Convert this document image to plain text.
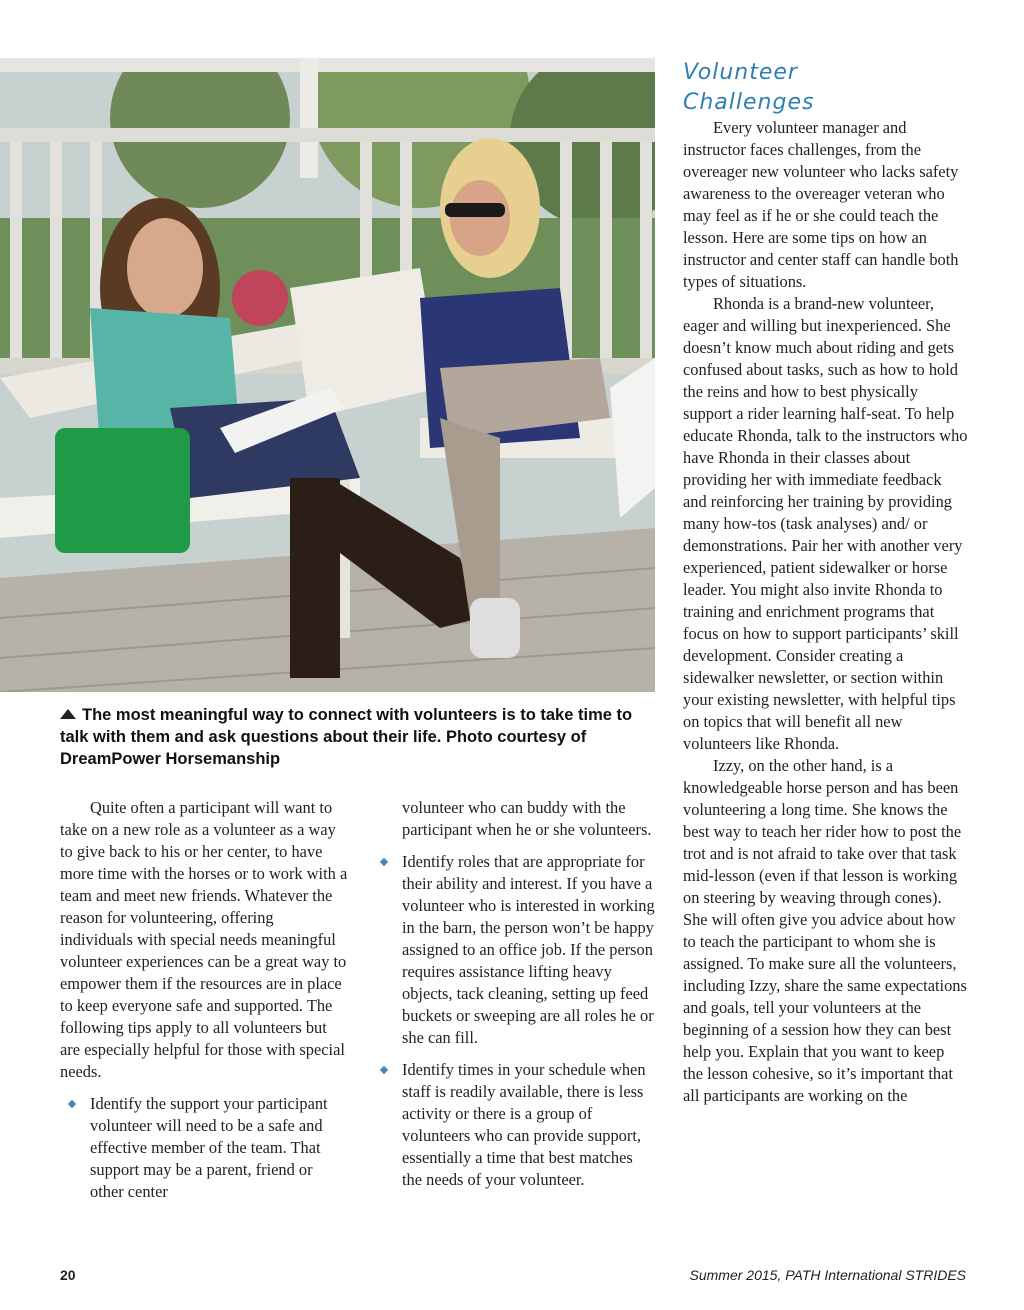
The most meaningful way to connect with volunteers is to take time to talk with them and ask questions about their life. Photo courtesy of DreamPower Horsemanship
Volunteer
Challenges

Quite often a participant will want to take on a new role as a volunteer as a way to give back to his or her center, to have more time with the horses or to work with a team and meet new friends. Whatever the reason for volunteering, offering individuals with special needs meaningful volunteer experiences can be a great way to empower them if the resources are in place to keep everyone safe and supported. The following tips apply to all volunteers but are especially helpful for those with special needs.

Identify the support your participant volunteer will need to be a safe and effective member of the team. That support may be a parent, friend or other center

volunteer who can buddy with the participant when he or she volunteers.

Identify roles that are appropriate for their ability and interest. If you have a volunteer who is interested in working in the barn, the person won’t be happy assigned to an office job. If the person requires assistance lifting heavy objects, tack cleaning, setting up feed buckets or sweeping are all roles he or she can fill.
Identify times in your schedule when staff is readily available, there is less activity or there is a group of volunteers who can provide support, essentially a time that best matches the needs of your volunteer.

Every volunteer manager and instructor faces challenges, from the overeager new volunteer who lacks safety awareness to the overeager veteran who may feel as if he or she could teach the lesson. Here are some tips on how an instructor and center staff can handle both types of situations.

Rhonda is a brand-new volunteer, eager and willing but inexperienced. She doesn’t know much about riding and gets confused about tasks, such as how to hold the reins and how to best physically support a rider learning half-seat. To help educate Rhonda, talk to the instructors who have Rhonda in their classes about providing her with immediate feedback and reinforcing her training by providing many how-tos (task analyses) and/ or demonstrations. Pair her with another very experienced, patient sidewalker or horse leader. You might also invite Rhonda to training and enrichment programs that focus on how to support participants’ skill development. Consider creating a sidewalker newsletter, or section within your existing newsletter, with helpful tips on topics that will benefit all new volunteers like Rhonda.

Izzy, on the other hand, is a knowledgeable horse person and has been volunteering a long time. She knows the best way to teach her rider how to post the trot and is not afraid to take over that task mid-lesson (even if that lesson is working on steering by weaving through cones). She will often give you advice about how to teach the participant to whom she is assigned. To make sure all the volunteers, including Izzy, share the same expectations and goals, tell your volunteers at the beginning of a session how they can best help you. Explain that you want to keep the lesson cohesive, so it’s important that all participants are working on the

20	Summer 2015, PATH International STRIDES
